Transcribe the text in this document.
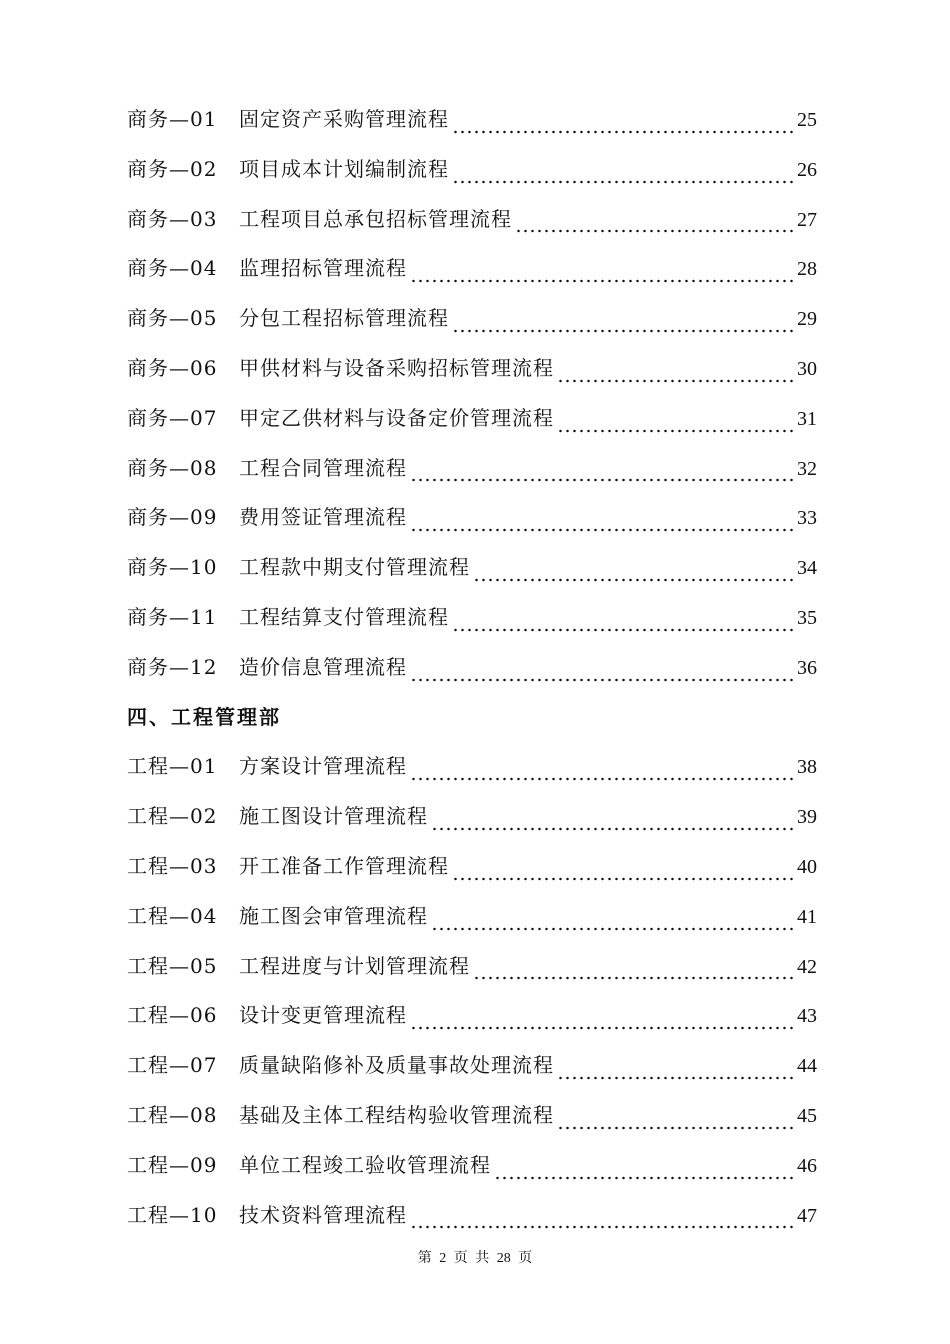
商务—01	固定资产采购管理流程	25
商务—02	项目成本计划编制流程	26
商务—03	工程项目总承包招标管理流程	27
商务—04	监理招标管理流程	28
商务—05	分包工程招标管理流程	29
商务—06	甲供材料与设备采购招标管理流程	30
商务—07	甲定乙供材料与设备定价管理流程	31
商务—08	工程合同管理流程	32
商务—09	费用签证管理流程	33
商务—10	工程款中期支付管理流程	34
商务—11	工程结算支付管理流程	35
商务—12	造价信息管理流程	36
四、工程管理部
工程—01	方案设计管理流程	38
工程—02	施工图设计管理流程	39
工程—03	开工准备工作管理流程	40
工程—04	施工图会审管理流程	41
工程—05	工程进度与计划管理流程	42
工程—06	设计变更管理流程	43
工程—07	质量缺陷修补及质量事故处理流程	44
工程—08	基础及主体工程结构验收管理流程	45
工程—09	单位工程竣工验收管理流程	46
工程—10	技术资料管理流程	47
第 2 页 共 28 页
